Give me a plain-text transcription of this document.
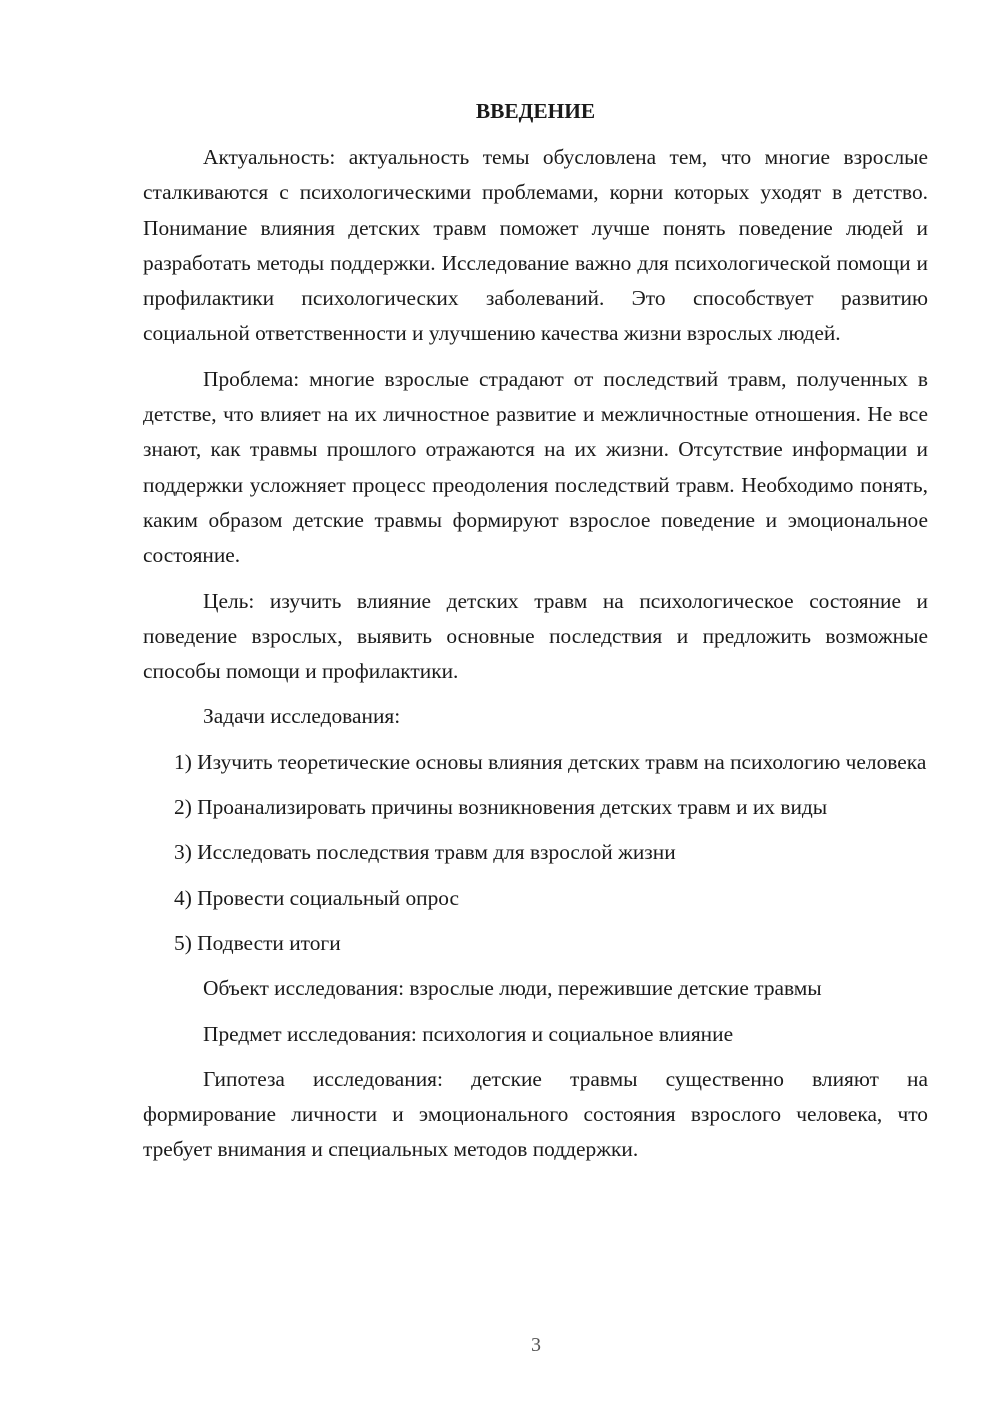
ВВЕДЕНИЕ

Актуальность: актуальность темы обусловлена тем, что многие взрослые сталкиваются с психологическими проблемами, корни которых уходят в детство. Понимание влияния детских травм поможет лучше понять поведение людей и разработать методы поддержки. Исследование важно для психологической помощи и профилактики психологических заболеваний. Это способствует развитию социальной ответственности и улучшению качества жизни взрослых людей.

Проблема: многие взрослые страдают от последствий травм, полученных в детстве, что влияет на их личностное развитие и межличностные отношения. Не все знают, как травмы прошлого отражаются на их жизни. Отсутствие информации и поддержки усложняет процесс преодоления последствий травм. Необходимо понять, каким образом детские травмы формируют взрослое поведение и эмоциональное состояние.

Цель: изучить влияние детских травм на психологическое состояние и поведение взрослых, выявить основные последствия и предложить возможные способы помощи и профилактики.

Задачи исследования:

1) Изучить теоретические основы влияния детских травм на психологию человека

2) Проанализировать причины возникновения детских травм и их виды

3) Исследовать последствия травм для взрослой жизни

4) Провести социальный опрос

5) Подвести итоги

Объект исследования: взрослые люди, пережившие детские травмы

Предмет исследования: психология и социальное влияние

Гипотеза исследования: детские травмы существенно влияют на формирование личности и эмоционального состояния взрослого человека, что требует внимания и специальных методов поддержки.

3
